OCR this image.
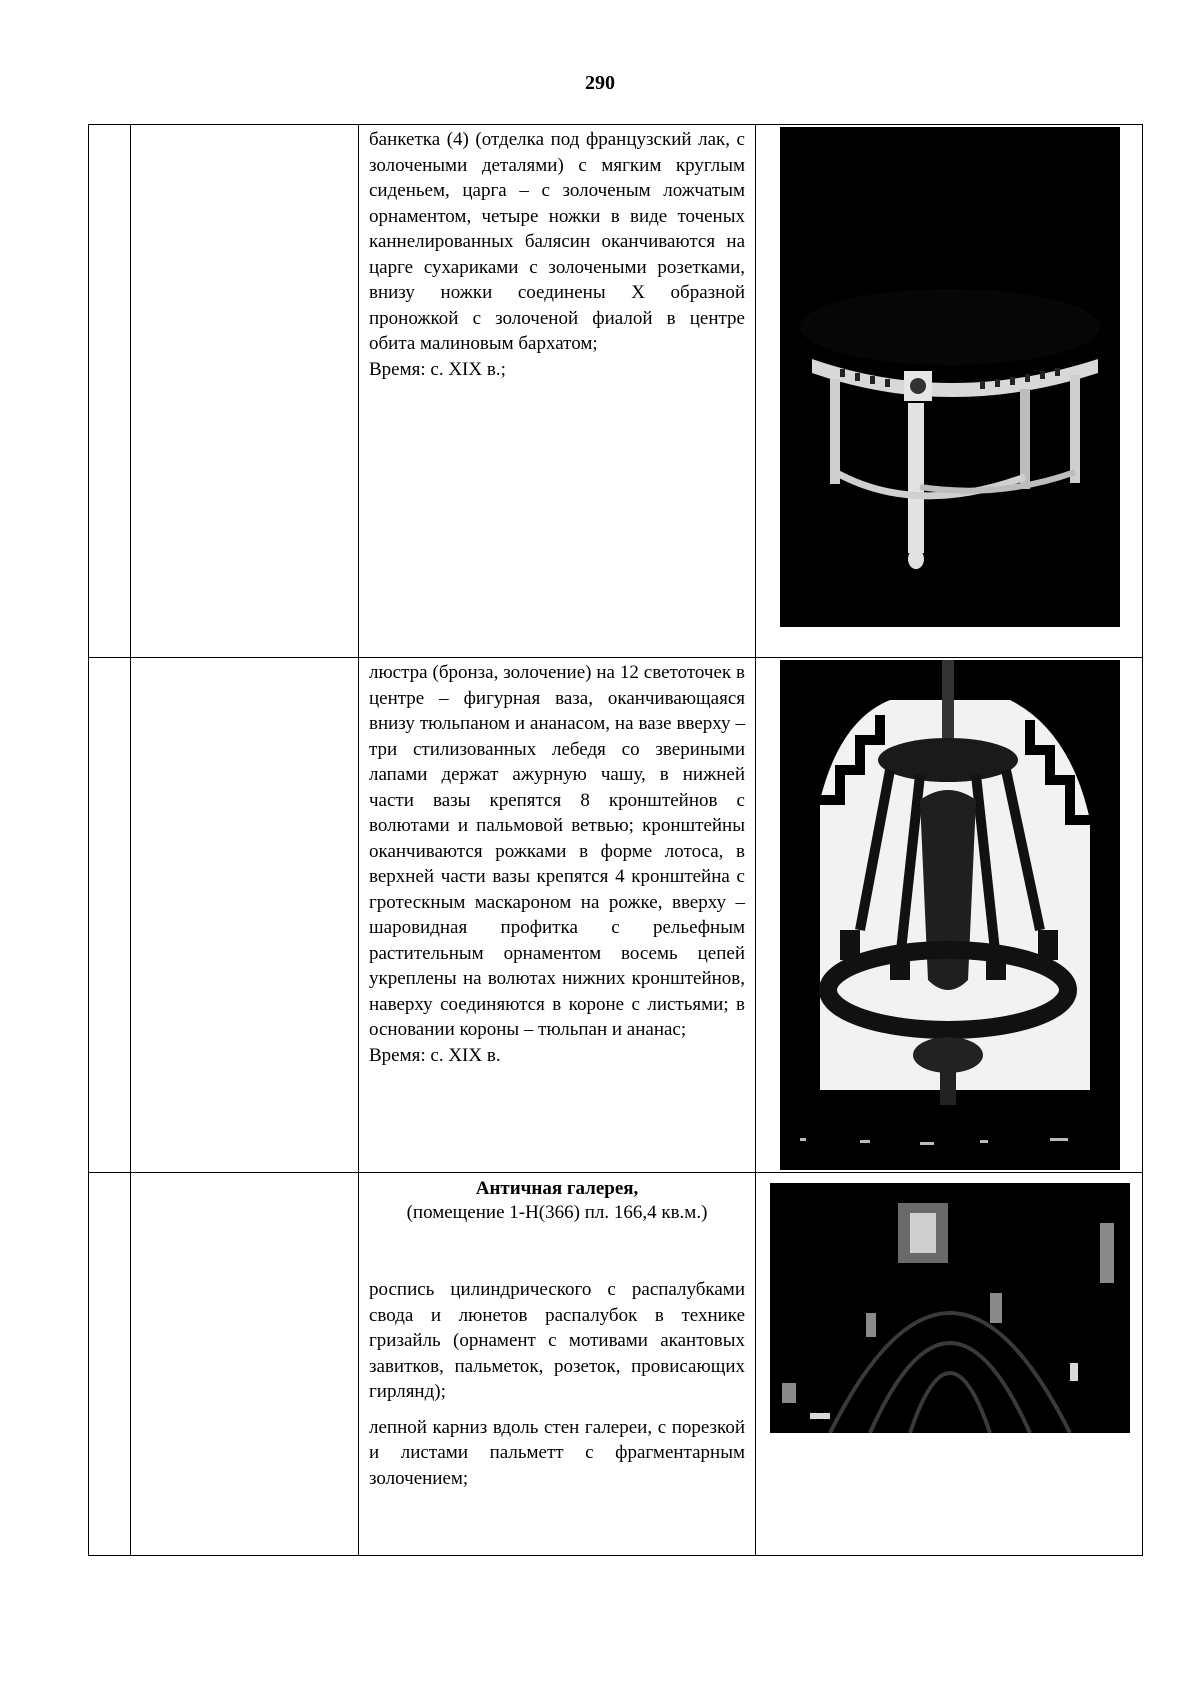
290

		банкетка (4) (отделка под французский лак, с золочеными деталями) с мягким круглым сиденьем, царга – с золоченым ложчатым орнаментом, четыре ножки в виде точеных каннелированных балясин оканчиваются на царге сухариками с золочеными розетками, внизу ножки соединены Х образной проножкой с золоченой фиалой в центре обита малиновым бархатом;

Время: с. XIX в.;

		люстра (бронза, золочение) на 12 светоточек в центре – фигурная ваза, оканчивающаяся внизу тюльпаном и ананасом, на вазе вверху – три стилизованных лебедя со звериными лапами держат ажурную чашу, в нижней части вазы крепятся 8 кронштейнов с волютами и пальмовой ветвью; кронштейны оканчиваются рожками в форме лотоса, в верхней части вазы крепятся 4 кронштейна с гротескным маскароном на рожке, вверху – шаровидная профитка с рельефным растительным орнаментом восемь цепей укреплены на волютах нижних кронштейнов, наверху соединяются в короне с листьями; в основании короны – тюльпан и ананас;

Время: с. XIX в.

		Античная галерея,
(помещение 1-Н(366) пл. 166,4 кв.м.)

роспись цилиндрического с распалубками свода и люнетов распалубок в технике гризайль (орнамент с мотивами акантовых завитков, пальметок, розеток, провисающих гирлянд);

лепной карниз вдоль стен галереи, с порезкой и листами пальметт с фрагментарным золочением;
